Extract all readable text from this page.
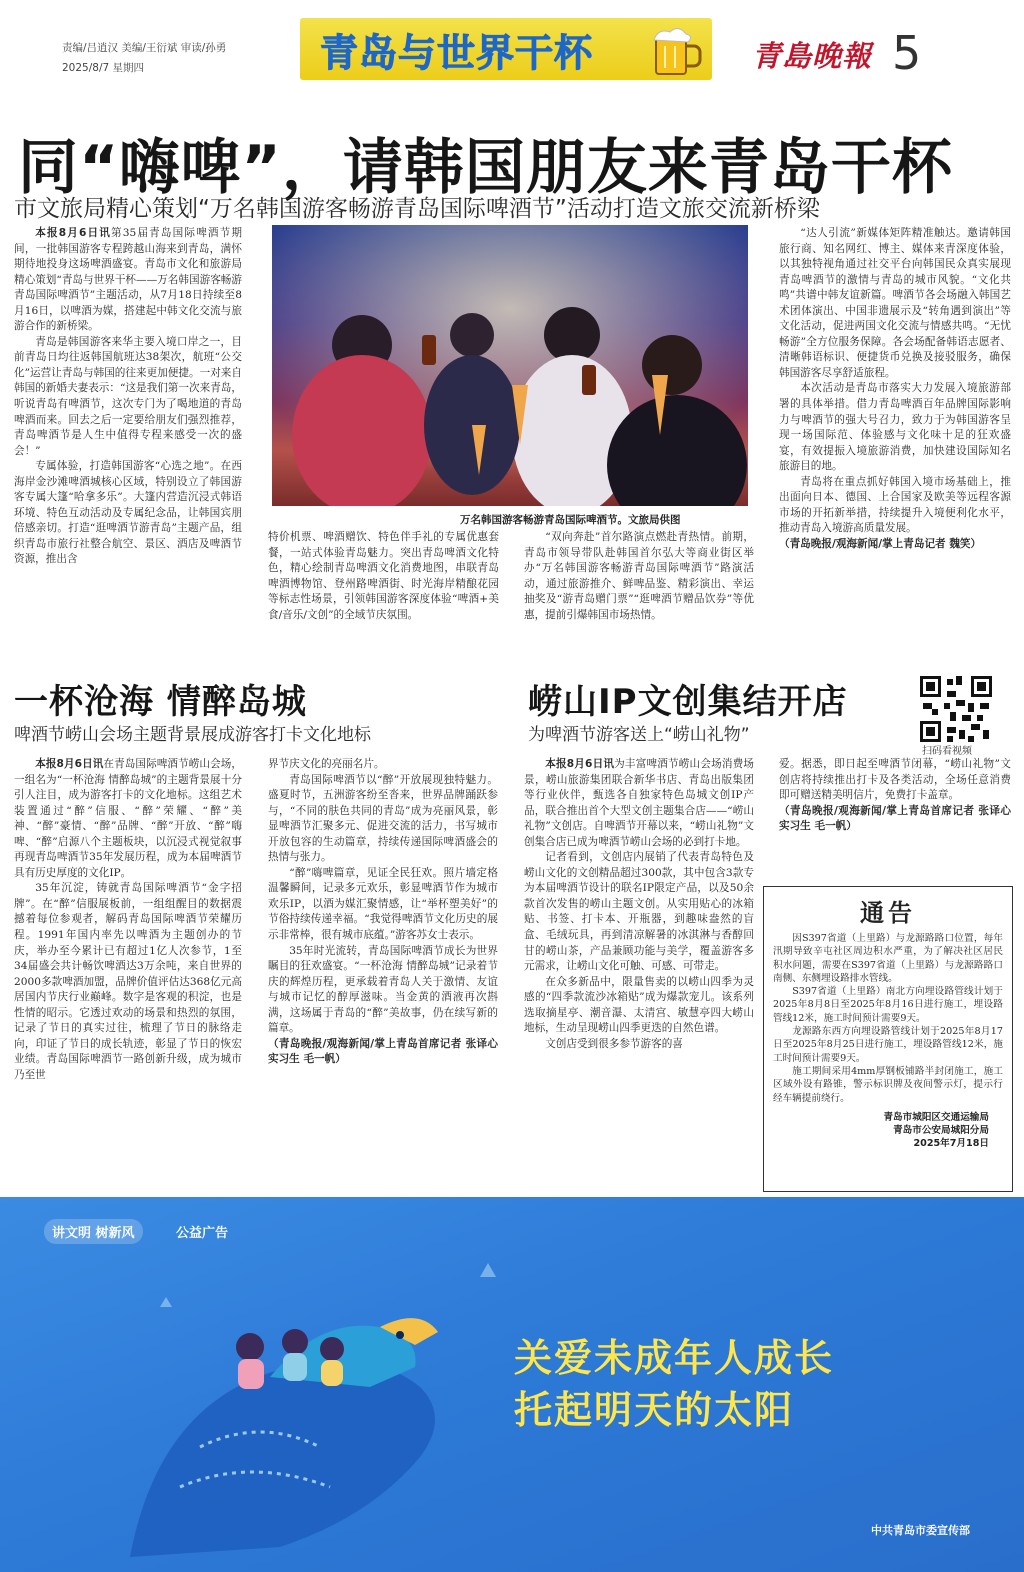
责编/吕逍汉 美编/王衍斌 审读/孙勇
2025/8/7 星期四	青岛与世界干杯	青島晚報 5
同“嗨啤”，请韩国朋友来青岛干杯
市文旅局精心策划“万名韩国游客畅游青岛国际啤酒节”活动打造文旅交流新桥梁

本报8月6日讯第35届青岛国际啤酒节期间，一批韩国游客专程跨越山海来到青岛，满怀期待地投身这场啤酒盛宴。青岛市文化和旅游局精心策划“青岛与世界干杯——万名韩国游客畅游青岛国际啤酒节”主题活动，从7月18日持续至8月16日，以啤酒为媒，搭建起中韩文化交流与旅游合作的新桥梁。

青岛是韩国游客来华主要入境口岸之一，目前青岛日均往返韩国航班达38架次，航班“公交化”运营让青岛与韩国的往来更加便捷。一对来自韩国的新婚夫妻表示：“这是我们第一次来青岛，听说青岛有啤酒节，这次专门为了喝地道的青岛啤酒而来。回去之后一定要给朋友们强烈推荐，青岛啤酒节是人生中值得专程来感受一次的盛会！”

专属体验，打造韩国游客“心选之地”。在西海岸金沙滩啤酒城核心区域，特别设立了韩国游客专属大篷“哈拿多乐”。大篷内营造沉浸式韩语环境、特色互动活动及专属纪念品，让韩国宾朋倍感亲切。打造“逛啤酒节游青岛”主题产品，组织青岛市旅行社整合航空、景区、酒店及啤酒节资源，推出含

万名韩国游客畅游青岛国际啤酒节。文旅局供图

特价机票、啤酒赠饮、特色伴手礼的专属优惠套餐，一站式体验青岛魅力。突出青岛啤酒文化特色，精心绘制青岛啤酒文化消费地图，串联青岛啤酒博物馆、登州路啤酒街、时光海岸精酿花园等标志性场景，引领韩国游客深度体验“啤酒+美食/音乐/文创”的全域节庆氛围。

“双向奔赴”首尔路演点燃赴青热情。前期，青岛市领导带队赴韩国首尔弘大等商业街区举办“万名韩国游客畅游青岛国际啤酒节”路演活动，通过旅游推介、鲜啤品鉴、精彩演出、幸运抽奖及“游青岛赠门票”“逛啤酒节赠品饮券”等优惠，提前引爆韩国市场热情。

“达人引流”新媒体矩阵精准触达。邀请韩国旅行商、知名网红、博主、媒体来青深度体验，以其独特视角通过社交平台向韩国民众真实展现青岛啤酒节的激情与青岛的城市风貌。“文化共鸣”共谱中韩友谊新篇。啤酒节各会场融入韩国艺术团体演出、中国非遗展示及“转角遇到演出”等文化活动，促进两国文化交流与情感共鸣。“无忧畅游”全方位服务保障。各会场配备韩语志愿者、清晰韩语标识、便捷货币兑换及接驳服务，确保韩国游客尽享舒适旅程。

本次活动是青岛市落实大力发展入境旅游部署的具体举措。借力青岛啤酒百年品牌国际影响力与啤酒节的强大号召力，致力于为韩国游客呈现一场国际范、体验感与文化味十足的狂欢盛宴，有效提振入境旅游消费，加快建设国际知名旅游目的地。

青岛将在重点抓好韩国入境市场基础上，推出面向日本、德国、上合国家及欧美等远程客源市场的开拓新举措，持续提升入境便利化水平，推动青岛入境游高质量发展。

（青岛晚报/观海新闻/掌上青岛记者 魏笑）

一杯沧海 情醉岛城
啤酒节崂山会场主题背景展成游客打卡文化地标

本报8月6日讯在青岛国际啤酒节崂山会场，一组名为“一杯沧海 情醉岛城”的主题背景展十分引人注目，成为游客打卡的文化地标。这组艺术装置通过“醉”信服、“醉”荣耀、“醉”美神、“醉”豪情、“醉”品牌、“醉”开放、“醉”嗨啤、“醉”启源八个主题板块，以沉浸式视觉叙事再现青岛啤酒节35年发展历程，成为本届啤酒节具有历史厚度的文化IP。

35年沉淀，铸就青岛国际啤酒节“金字招牌”。在“醉”信服展板前，一组组醒目的数据震撼着每位参观者，解码青岛国际啤酒节荣耀历程。1991年国内率先以啤酒为主题创办的节庆，举办至今累计已有超过1亿人次参节，1至34届盛会共计畅饮啤酒达3万余吨，来自世界的2000多款啤酒加盟，品牌价值评估达368亿元高居国内节庆行业巅峰。数字是客观的积淀，也是性情的昭示。它透过欢动的场景和热烈的氛围，记录了节日的真实过往，梳理了节日的脉络走向，印证了节日的成长轨迹，彰显了节日的恢宏业绩。青岛国际啤酒节一路创新升级，成为城市乃至世

界节庆文化的亮丽名片。

青岛国际啤酒节以“醉”开放展现独特魅力。盛夏时节，五洲游客纷至沓来，世界品牌踊跃参与，“不同的肤色共同的青岛”成为亮丽风景，彰显啤酒节汇聚多元、促进交流的活力，书写城市开放包容的生动篇章，持续传递国际啤酒盛会的热情与张力。

“醉”嗨啤篇章，见证全民狂欢。照片墙定格温馨瞬间，记录多元欢乐，彰显啤酒节作为城市欢乐IP，以酒为媒汇聚情感，让“举杯塑美好”的节俗持续传递幸福。“我觉得啤酒节文化历史的展示非常棒，很有城市底蕴。”游客苏女士表示。

35年时光流转，青岛国际啤酒节成长为世界瞩目的狂欢盛宴。“一杯沧海 情醉岛城”记录着节庆的辉煌历程，更承载着青岛人关于激情、友谊与城市记忆的醇厚滋味。当金黄的酒液再次斟满，这场属于青岛的“醉”美故事，仍在续写新的篇章。

（青岛晚报/观海新闻/掌上青岛首席记者 张译心 实习生 毛一帆）

崂山IP文创集结开店
为啤酒节游客送上“崂山礼物”
扫码看视频

本报8月6日讯为丰富啤酒节崂山会场消费场景，崂山旅游集团联合新华书店、青岛出版集团等行业伙伴，甄选各自独家特色岛城文创IP产品，联合推出首个大型文创主题集合店——“崂山礼物”文创店。自啤酒节开幕以来，“崂山礼物”文创集合店已成为啤酒节崂山会场的必到打卡地。

记者看到，文创店内展销了代表青岛特色及崂山文化的文创精品超过300款，其中包含3款专为本届啤酒节设计的联名IP限定产品，以及50余款首次发售的崂山主题文创。从实用贴心的冰箱贴、书签、打卡本、开瓶器，到趣味盎然的盲盒、毛绒玩具，再到清凉解暑的冰淇淋与香醇回甘的崂山茶，产品兼顾功能与美学，覆盖游客多元需求，让崂山文化可触、可感、可带走。

在众多新品中，限量售卖的以崂山四季为灵感的“四季款流沙冰箱贴”成为爆款宠儿。该系列选取摘星亭、潮音瀑、太清宫、敏慧亭四大崂山地标，生动呈现崂山四季更迭的自然色谱。

文创店受到很多参节游客的喜

爱。据悉，即日起至啤酒节闭幕，“崂山礼物”文创店将持续推出打卡及各类活动，全场任意消费即可赠送精美明信片，免费打卡盖章。

（青岛晚报/观海新闻/掌上青岛首席记者 张译心 实习生 毛一帆）

通告

因S397省道（上里路）与龙源路路口位置，每年汛期导致辛屯社区周边积水严重，为了解决社区居民积水问题，需要在S397省道（上里路）与龙源路路口南侧、东侧埋设路排水管线。

S397省道（上里路）南北方向埋设路管线计划于2025年8月8日至2025年8月16日进行施工，埋设路管线12米，施工时间预计需要9天。

龙源路东西方向埋设路管线计划于2025年8月17日至2025年8月25日进行施工，埋设路管线12米，施工时间预计需要9天。

施工期间采用4mm厚钢板铺路半封闭施工，施工区域外设有路锥，警示标识牌及夜间警示灯，提示行经车辆提前绕行。

青岛市城阳区交通运输局
青岛市公安局城阳分局
2025年7月18日
讲文明 树新风	公益广告
关爱未成年人成长
托起明天的太阳
中共青岛市委宣传部
